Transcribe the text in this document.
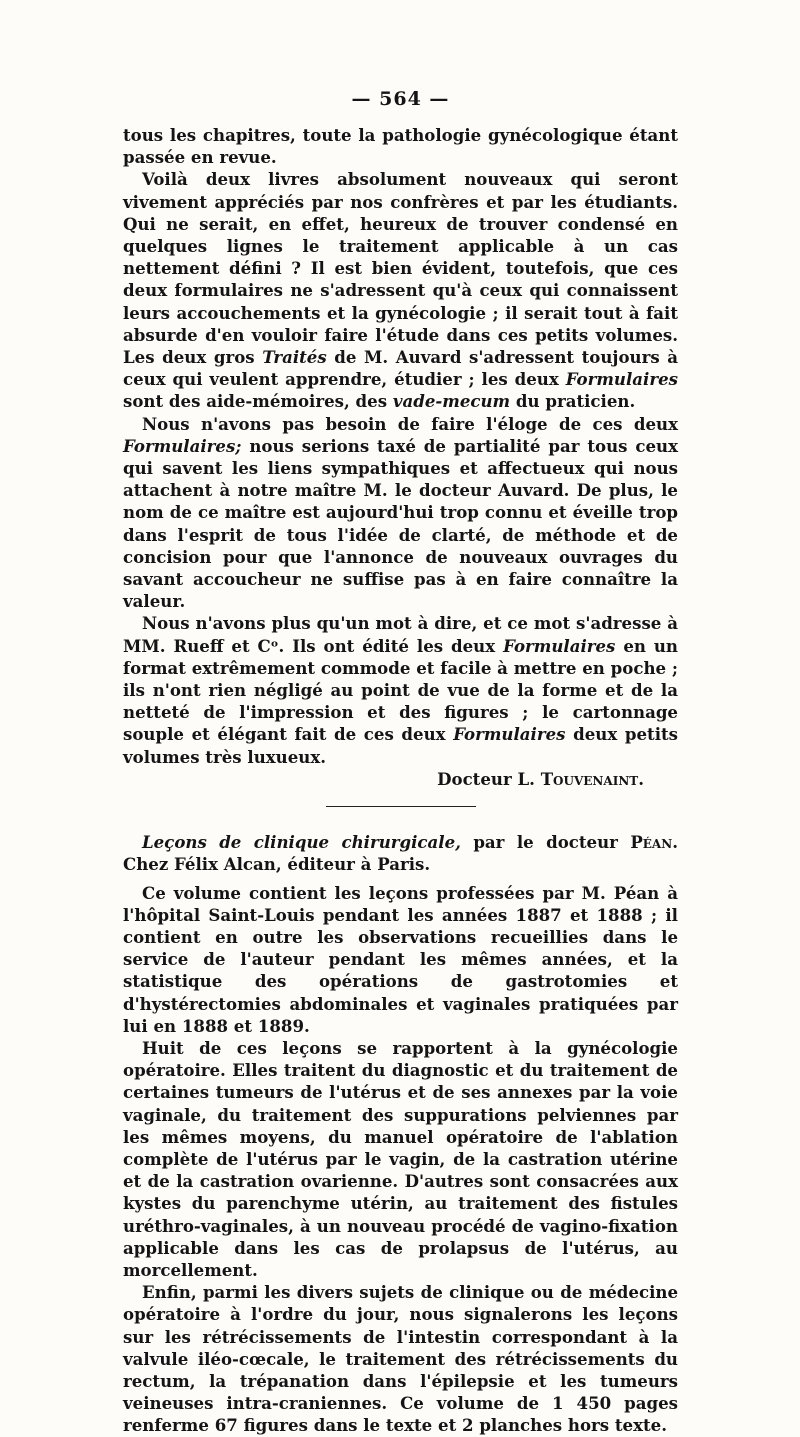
— 564 —

tous les chapitres, toute la pathologie gynécologique étant passée en revue.

Voilà deux livres absolument nouveaux qui seront vivement appréciés par nos confrères et par les étudiants. Qui ne serait, en effet, heureux de trouver condensé en quelques lignes le traitement applicable à un cas nettement défini ? Il est bien évident, toutefois, que ces deux formulaires ne s'adressent qu'à ceux qui connaissent leurs accouchements et la gynécologie ; il serait tout à fait absurde d'en vouloir faire l'étude dans ces petits volumes. Les deux gros Traités de M. Auvard s'adressent toujours à ceux qui veulent apprendre, étudier ; les deux Formulaires sont des aide-mémoires, des vade-mecum du praticien.

Nous n'avons pas besoin de faire l'éloge de ces deux Formulaires; nous serions taxé de partialité par tous ceux qui savent les liens sympathiques et affectueux qui nous attachent à notre maître M. le docteur Auvard. De plus, le nom de ce maître est aujourd'hui trop connu et éveille trop dans l'esprit de tous l'idée de clarté, de méthode et de concision pour que l'annonce de nouveaux ouvrages du savant accoucheur ne suffise pas à en faire connaître la valeur.

Nous n'avons plus qu'un mot à dire, et ce mot s'adresse à MM. Rueff et Cᵒ. Ils ont édité les deux Formulaires en un format extrêmement commode et facile à mettre en poche ; ils n'ont rien négligé au point de vue de la forme et de la netteté de l'impression et des figures ; le cartonnage souple et élégant fait de ces deux Formulaires deux petits volumes très luxueux.

Docteur L. Touvenaint.

Leçons de clinique chirurgicale, par le docteur Péan. Chez Félix Alcan, éditeur à Paris.

Ce volume contient les leçons professées par M. Péan à l'hôpital Saint-Louis pendant les années 1887 et 1888 ; il contient en outre les observations recueillies dans le service de l'auteur pendant les mêmes années, et la statistique des opérations de gastrotomies et d'hystérectomies abdominales et vaginales pratiquées par lui en 1888 et 1889.

Huit de ces leçons se rapportent à la gynécologie opératoire. Elles traitent du diagnostic et du traitement de certaines tumeurs de l'utérus et de ses annexes par la voie vaginale, du traitement des suppurations pelviennes par les mêmes moyens, du manuel opératoire de l'ablation complète de l'utérus par le vagin, de la castration utérine et de la castration ovarienne. D'autres sont consacrées aux kystes du parenchyme utérin, au traitement des fistules uréthro-vaginales, à un nouveau procédé de vagino-fixation applicable dans les cas de prolapsus de l'utérus, au morcellement.

Enfin, parmi les divers sujets de clinique ou de médecine opératoire à l'ordre du jour, nous signalerons les leçons sur les rétrécissements de l'intestin correspondant à la valvule iléo-cœcale, le traitement des rétrécissements du rectum, la trépanation dans l'épilepsie et les tumeurs veineuses intra-craniennes. Ce volume de 1 450 pages renferme 67 figures dans le texte et 2 planches hors texte.
